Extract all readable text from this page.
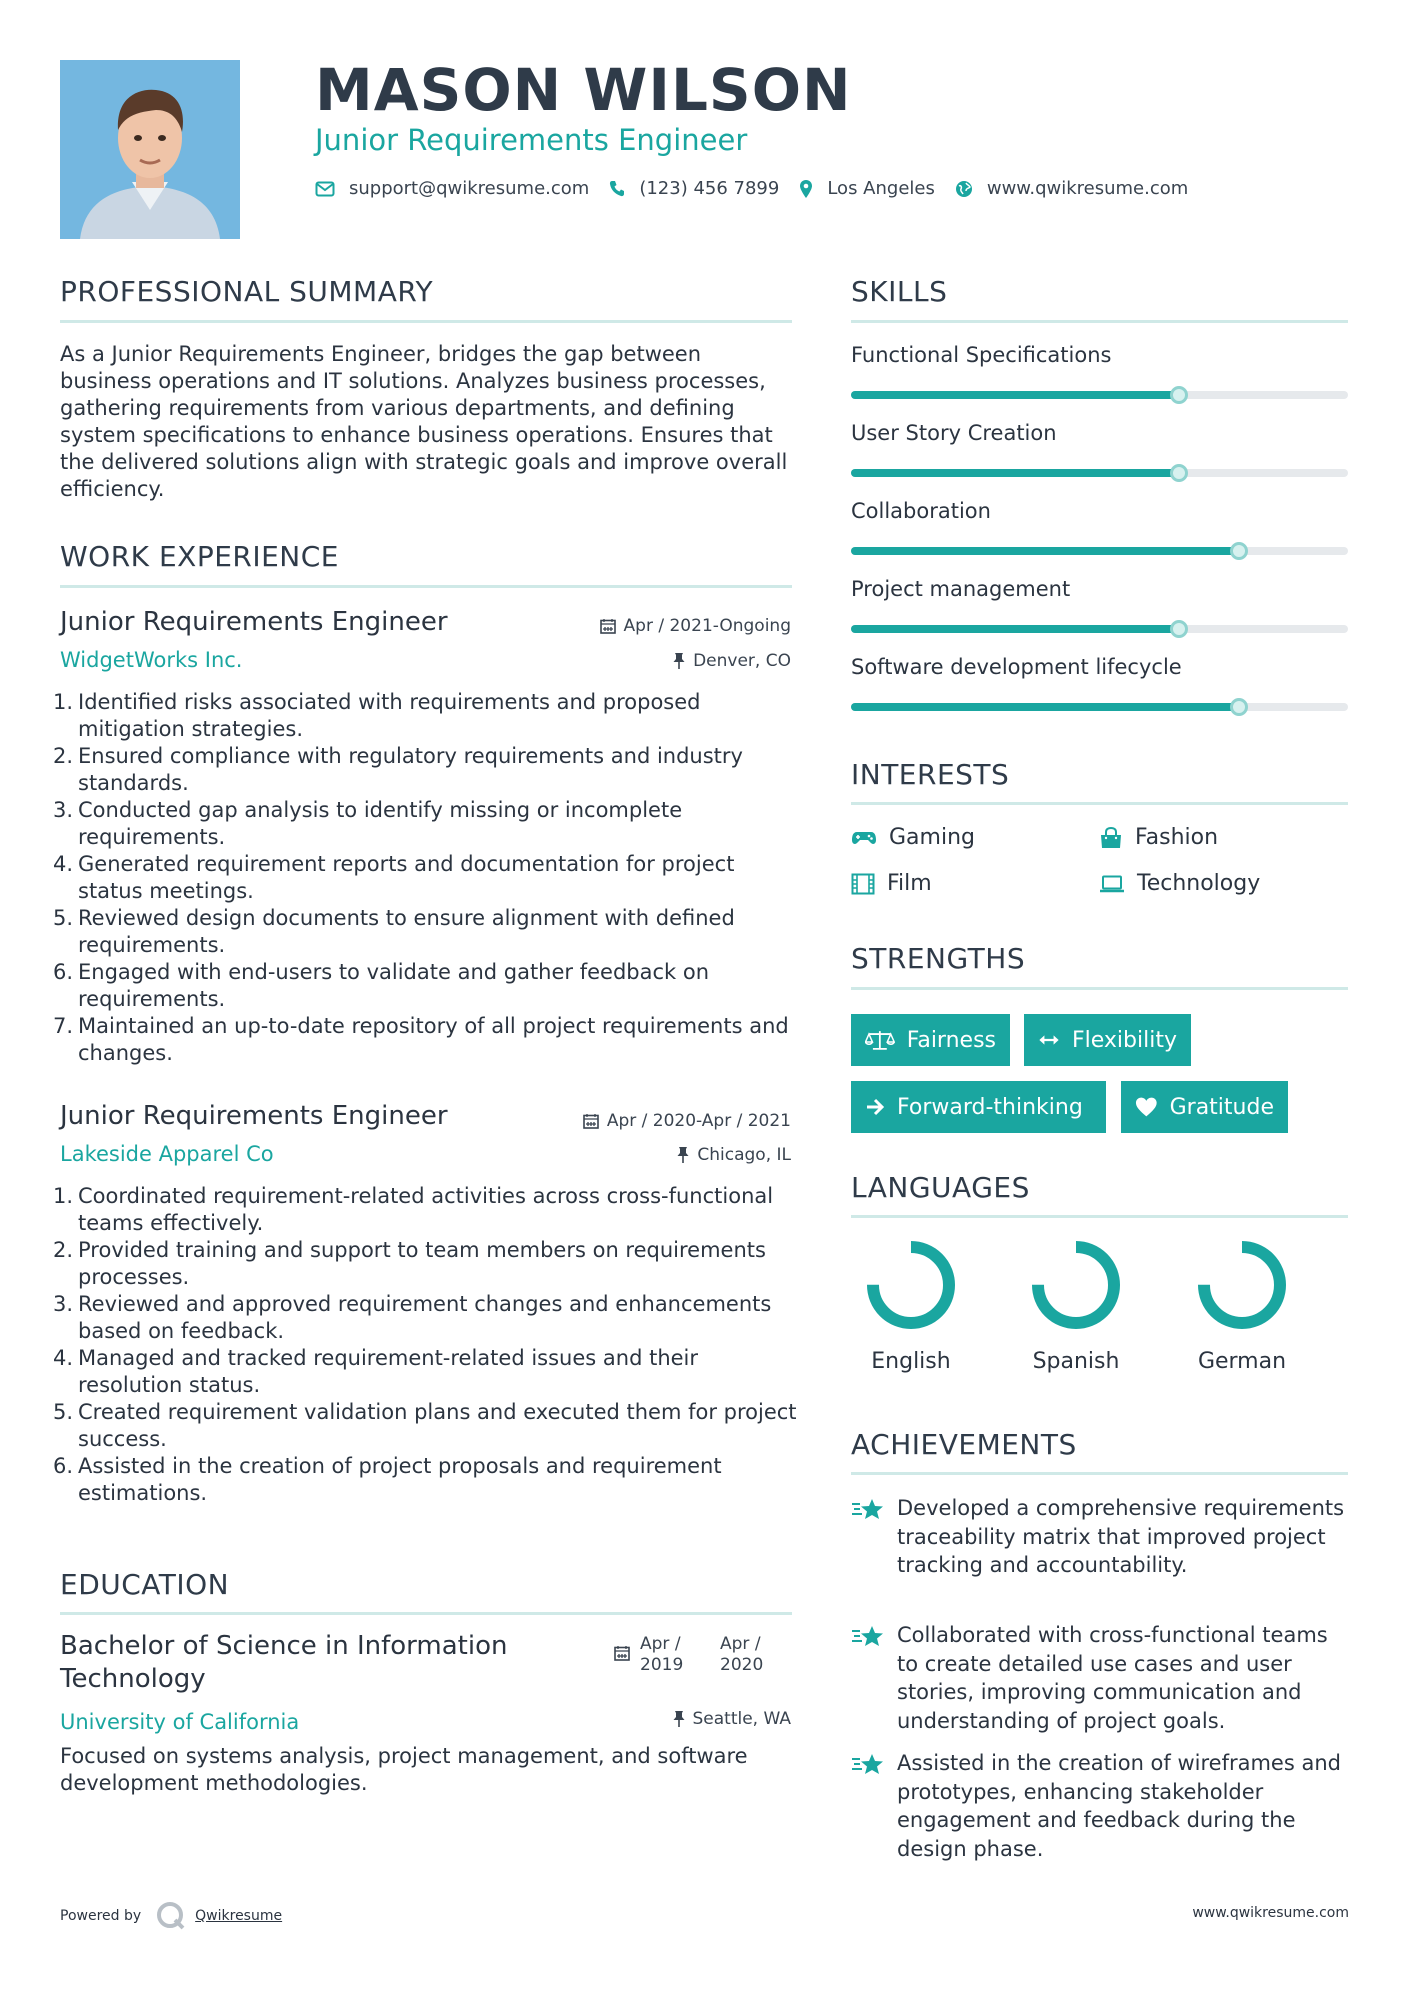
MASON WILSON
Junior Requirements Engineer
support@qwikresume.com	(123) 456 7899	Los Angeles	www.qwikresume.com
PROFESSIONAL SUMMARY
As a Junior Requirements Engineer, bridges the gap between business operations and IT solutions. Analyzes business processes, gathering requirements from various departments, and defining system specifications to enhance business operations. Ensures that the delivered solutions align with strategic goals and improve overall efficiency.
WORK EXPERIENCE
Junior Requirements Engineer	Apr / 2021-Ongoing
WidgetWorks Inc.	Denver, CO
1. Identified risks associated with requirements and proposed mitigation strategies.
2. Ensured compliance with regulatory requirements and industry standards.
3. Conducted gap analysis to identify missing or incomplete requirements.
4. Generated requirement reports and documentation for project status meetings.
5. Reviewed design documents to ensure alignment with defined requirements.
6. Engaged with end-users to validate and gather feedback on requirements.
7. Maintained an up-to-date repository of all project requirements and changes.
Junior Requirements Engineer	Apr / 2020-Apr / 2021
Lakeside Apparel Co	Chicago, IL
1. Coordinated requirement-related activities across cross-functional teams effectively.
2. Provided training and support to team members on requirements processes.
3. Reviewed and approved requirement changes and enhancements based on feedback.
4. Managed and tracked requirement-related issues and their resolution status.
5. Created requirement validation plans and executed them for project success.
6. Assisted in the creation of project proposals and requirement estimations.
EDUCATION
Bachelor of Science in Information Technology
Apr / 2019
Apr / 2020
University of California	Seattle, WA
Focused on systems analysis, project management, and software development methodologies.
SKILLS
Functional Specifications
User Story Creation
Collaboration
Project management
Software development lifecycle
INTERESTS
Gaming	Fashion
Film	Technology
STRENGTHS
Fairness	Flexibility
Forward-thinking	Gratitude
LANGUAGES
English	Spanish	German
ACHIEVEMENTS
Developed a comprehensive requirements traceability matrix that improved project tracking and accountability.
Collaborated with cross-functional teams to create detailed use cases and user stories, improving communication and understanding of project goals.
Assisted in the creation of wireframes and prototypes, enhancing stakeholder engagement and feedback during the design phase.
Powered by	Qwikresume	www.qwikresume.com
